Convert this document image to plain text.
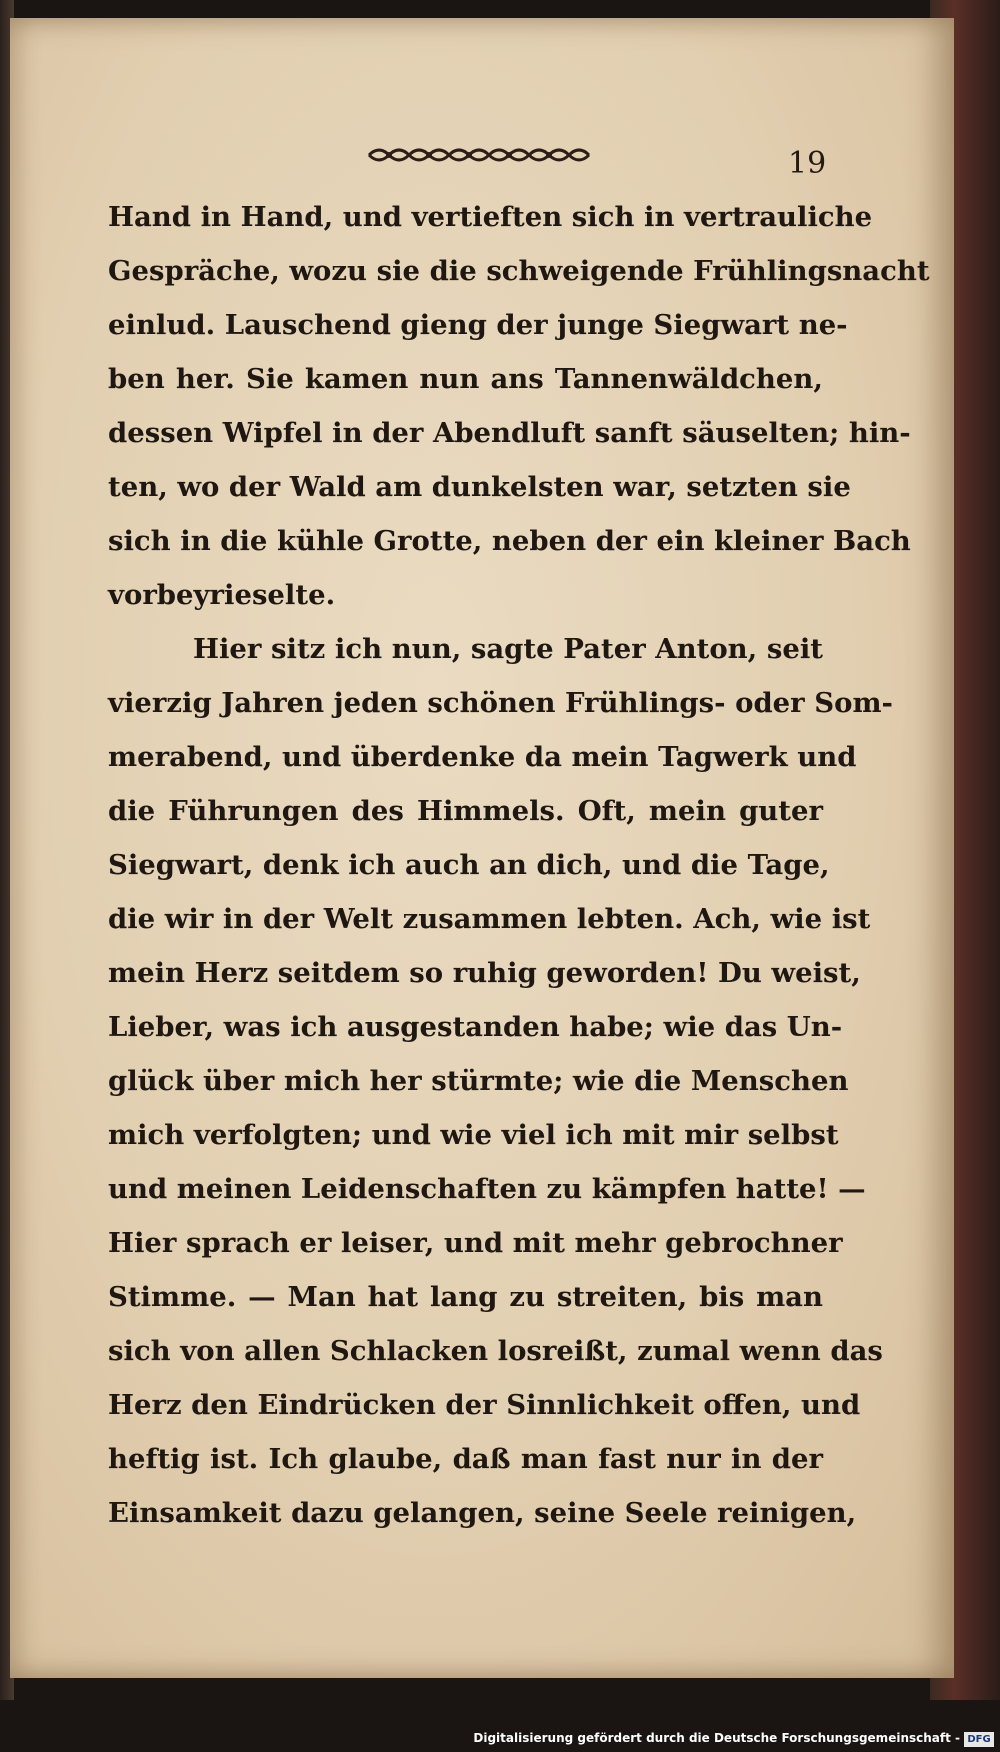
19
Hand in Hand, und vertieften sich in vertrauliche
Gespräche, wozu sie die schweigende Frühlingsnacht
einlud. Lauschend gieng der junge Siegwart ne-
ben her. Sie kamen nun ans Tannenwäldchen,
dessen Wipfel in der Abendluft sanft säuselten; hin-
ten, wo der Wald am dunkelsten war, setzten sie
sich in die kühle Grotte, neben der ein kleiner Bach
vorbeyrieselte.
Hier sitz ich nun, sagte Pater Anton, seit
vierzig Jahren jeden schönen Frühlings- oder Som-
merabend, und überdenke da mein Tagwerk und
die Führungen des Himmels. Oft, mein guter
Siegwart, denk ich auch an dich, und die Tage,
die wir in der Welt zusammen lebten. Ach, wie ist
mein Herz seitdem so ruhig geworden! Du weist,
Lieber, was ich ausgestanden habe; wie das Un-
glück über mich her stürmte; wie die Menschen
mich verfolgten; und wie viel ich mit mir selbst
und meinen Leidenschaften zu kämpfen hatte! —
Hier sprach er leiser, und mit mehr gebrochner
Stimme. — Man hat lang zu streiten, bis man
sich von allen Schlacken losreißt, zumal wenn das
Herz den Eindrücken der Sinnlichkeit offen, und
heftig ist. Ich glaube, daß man fast nur in der
Einsamkeit dazu gelangen, seine Seele reinigen,
Digitalisierung gefördert durch die Deutsche Forschungsgemeinschaft - DFG
